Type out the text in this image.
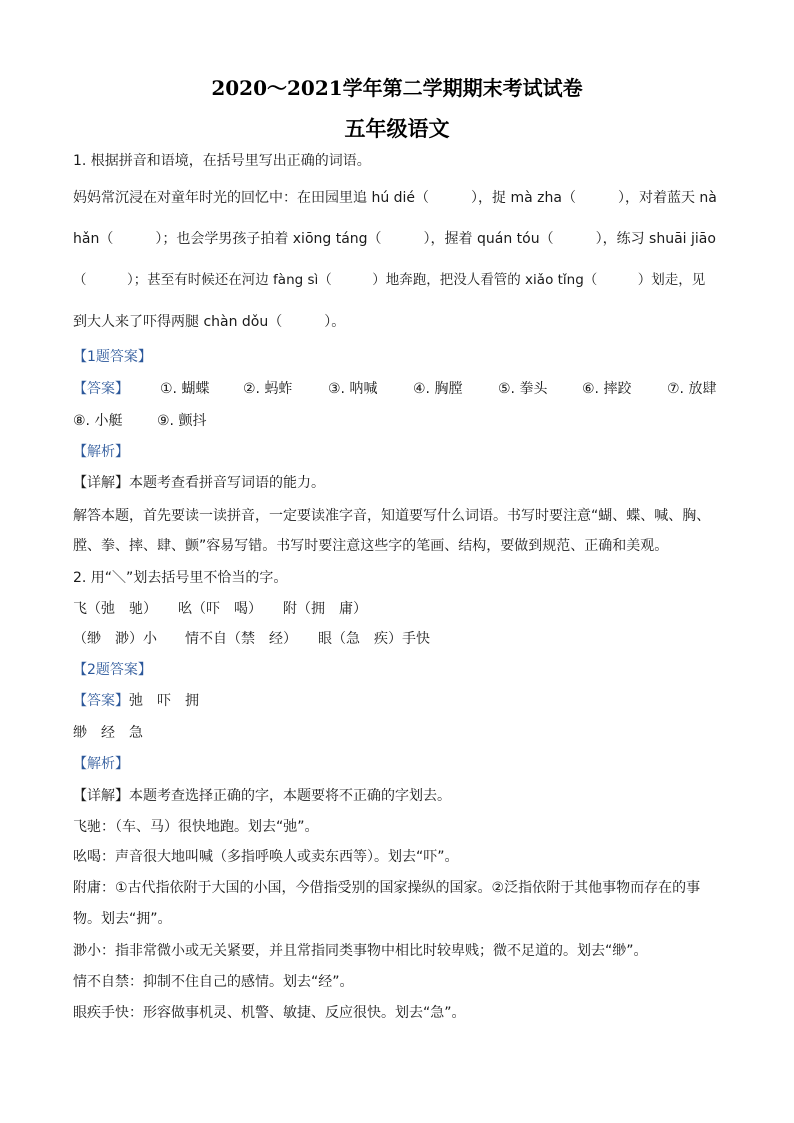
2020～2021学年第二学期期末考试试卷
五年级语文
1. 根据拼音和语境，在括号里写出正确的词语。
妈妈常沉浸在对童年时光的回忆中：在田园里追 hú dié（　　　），捉 mà zha（　　　），对着蓝天 nà
hǎn（　　　）；也会学男孩子拍着 xiōng táng（　　　），握着 quán tóu（　　　），练习 shuāi jiāo
（　　　）；甚至有时候还在河边 fàng sì（　　　）地奔跑，把没人看管的 xiǎo tǐng（　　　）划走，见
到大人来了吓得两腿 chàn dǒu（　　　）。
【1题答案】
【答案】 ①. 蝴蝶 ②. 蚂蚱	③. 呐喊	④. 胸膛	⑤. 拳头 ⑥. 摔跤	⑦. 放肆
⑧. 小艇 ⑨. 颤抖
【解析】
【详解】本题考查看拼音写词语的能力。
解答本题，首先要读一读拼音，一定要读准字音，知道要写什么词语。书写时要注意“蝴、蝶、喊、胸、
膛、拳、摔、肆、颤”容易写错。书写时要注意这些字的笔画、结构，要做到规范、正确和美观。
2. 用“＼”划去括号里不恰当的字。
飞（弛　驰）　　吆（吓　喝）　　附（拥　庸）
（缈　渺）小　　情不自（禁　经）　　眼（急　疾）手快
【2题答案】
【答案】弛　吓　拥
缈　经　急
【解析】
【详解】本题考查选择正确的字，本题要将不正确的字划去。
飞驰：（车、马）很快地跑。划去“弛”。
吆喝：声音很大地叫喊（多指呼唤人或卖东西等）。划去“吓”。
附庸：①古代指依附于大国的小国，今借指受别的国家操纵的国家。②泛指依附于其他事物而存在的事
物。划去“拥”。
渺小：指非常微小或无关紧要，并且常指同类事物中相比时较卑贱；微不足道的。划去“缈”。
情不自禁：抑制不住自己的感情。划去“经”。
眼疾手快：形容做事机灵、机警、敏捷、反应很快。划去“急”。
